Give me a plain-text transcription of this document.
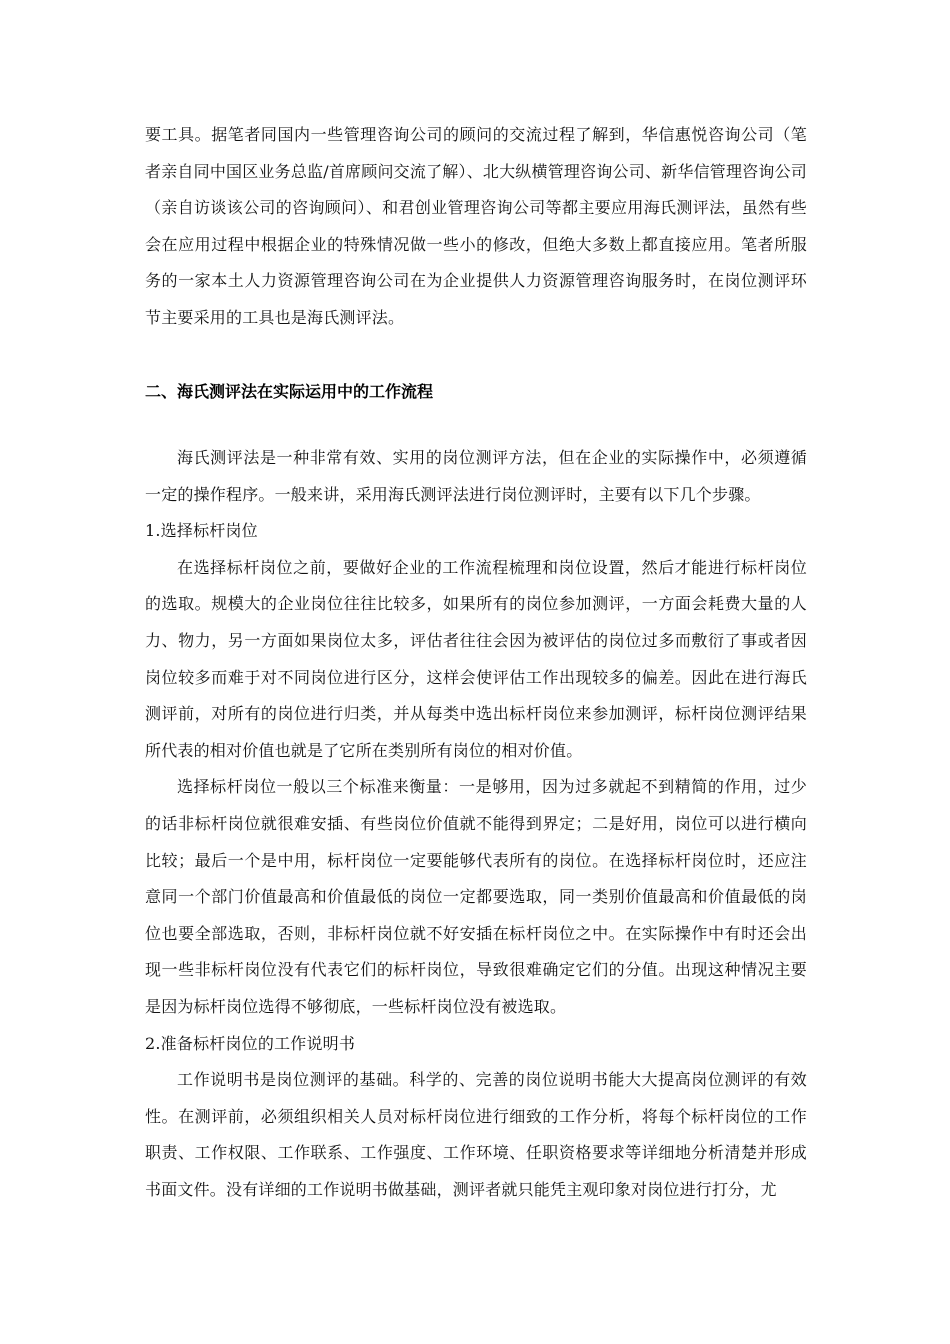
要工具。据笔者同国内一些管理咨询公司的顾问的交流过程了解到，华信惠悦咨询公司（笔者亲自同中国区业务总监/首席顾问交流了解）、北大纵横管理咨询公司、新华信管理咨询公司（亲自访谈该公司的咨询顾问）、和君创业管理咨询公司等都主要应用海氏测评法，虽然有些会在应用过程中根据企业的特殊情况做一些小的修改，但绝大多数上都直接应用。笔者所服务的一家本土人力资源管理咨询公司在为企业提供人力资源管理咨询服务时，在岗位测评环节主要采用的工具也是海氏测评法。

二、海氏测评法在实际运用中的工作流程

海氏测评法是一种非常有效、实用的岗位测评方法，但在企业的实际操作中，必须遵循一定的操作程序。一般来讲，采用海氏测评法进行岗位测评时，主要有以下几个步骤。

1.选择标杆岗位

在选择标杆岗位之前，要做好企业的工作流程梳理和岗位设置，然后才能进行标杆岗位的选取。规模大的企业岗位往往比较多，如果所有的岗位参加测评，一方面会耗费大量的人力、物力，另一方面如果岗位太多，评估者往往会因为被评估的岗位过多而敷衍了事或者因岗位较多而难于对不同岗位进行区分，这样会使评估工作出现较多的偏差。因此在进行海氏测评前，对所有的岗位进行归类，并从每类中选出标杆岗位来参加测评，标杆岗位测评结果所代表的相对价值也就是了它所在类别所有岗位的相对价值。

选择标杆岗位一般以三个标准来衡量：一是够用，因为过多就起不到精简的作用，过少的话非标杆岗位就很难安插、有些岗位价值就不能得到界定；二是好用，岗位可以进行横向比较；最后一个是中用，标杆岗位一定要能够代表所有的岗位。在选择标杆岗位时，还应注意同一个部门价值最高和价值最低的岗位一定都要选取，同一类别价值最高和价值最低的岗位也要全部选取，否则，非标杆岗位就不好安插在标杆岗位之中。在实际操作中有时还会出现一些非标杆岗位没有代表它们的标杆岗位，导致很难确定它们的分值。出现这种情况主要是因为标杆岗位选得不够彻底，一些标杆岗位没有被选取。

2.准备标杆岗位的工作说明书

工作说明书是岗位测评的基础。科学的、完善的岗位说明书能大大提高岗位测评的有效性。在测评前，必须组织相关人员对标杆岗位进行细致的工作分析，将每个标杆岗位的工作职责、工作权限、工作联系、工作强度、工作环境、任职资格要求等详细地分析清楚并形成书面文件。没有详细的工作说明书做基础，测评者就只能凭主观印象对岗位进行打分，尤
